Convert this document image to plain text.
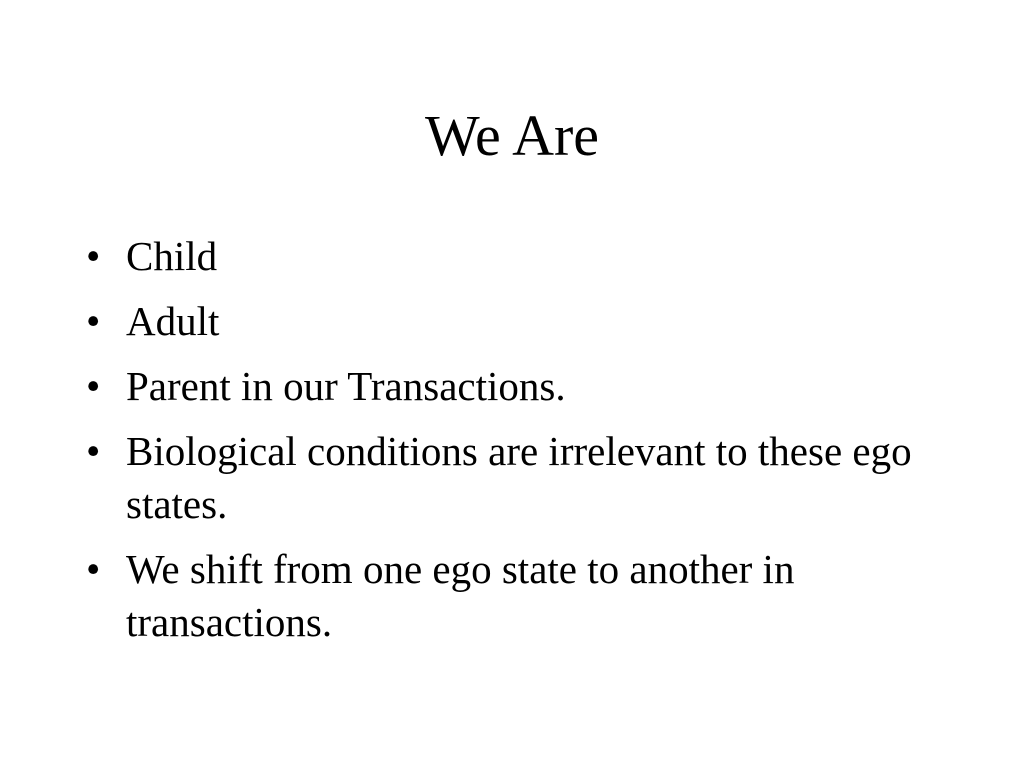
We Are
• Child
• Adult
• Parent in our Transactions.
• Biological conditions are irrelevant to these ego states.
• We shift from one ego state to another in transactions.
